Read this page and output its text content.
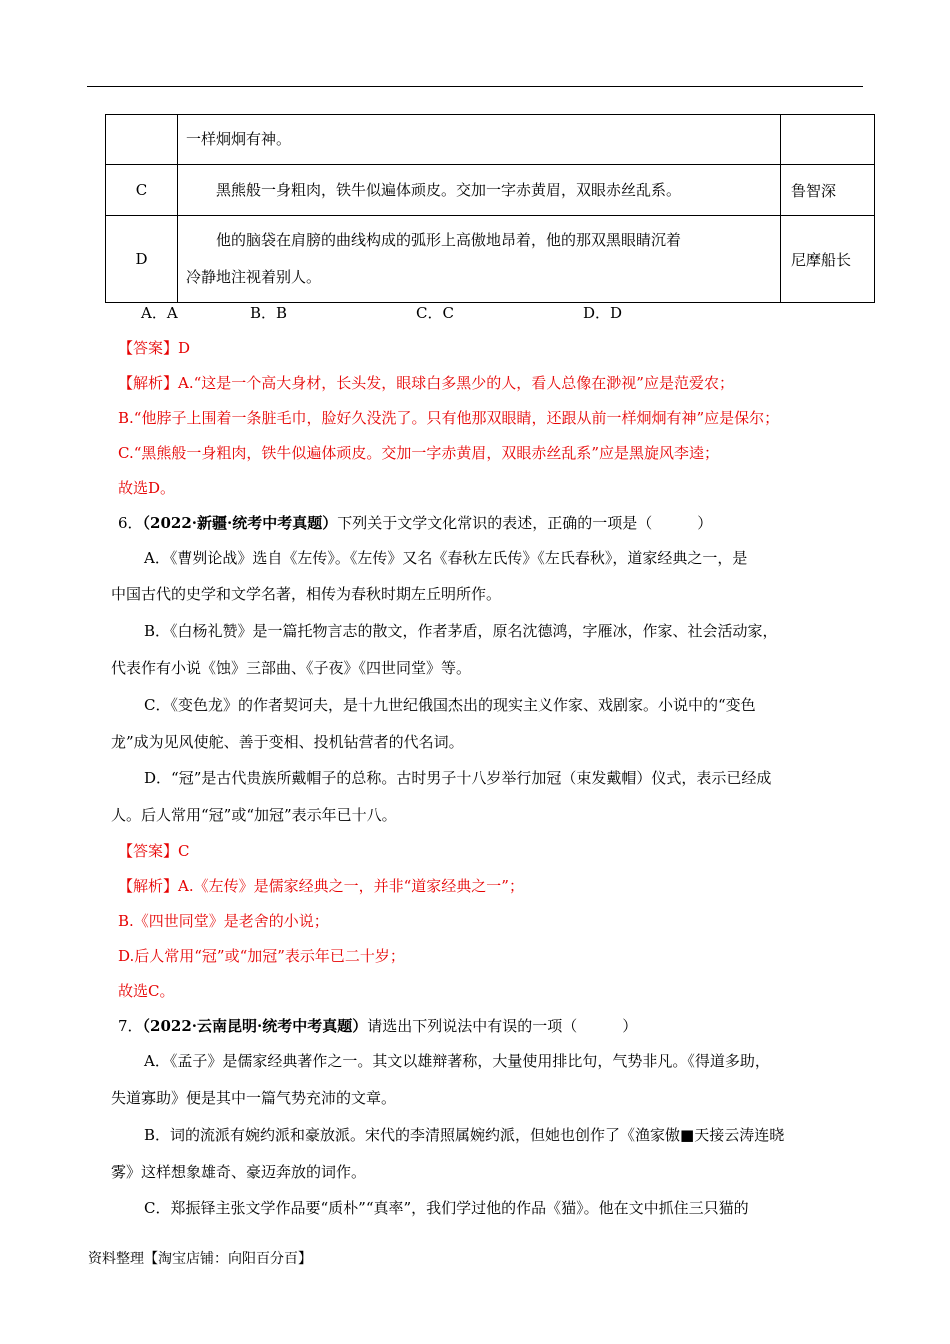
	一样炯炯有神。	
C	黑熊般一身粗肉，铁牛似遍体顽皮。交加一字赤黄眉，双眼赤丝乱系。	鲁智深
D	他的脑袋在肩膀的曲线构成的弧形上高傲地昂着，他的那双黑眼睛沉着
冷静地注视着别人。	尼摩船长
A．A	B．B	C．C	D．D
【答案】D
【解析】A.“这是一个高大身材，长头发，眼球白多黑少的人，看人总像在渺视”应是范爱农；
B.“他脖子上围着一条脏毛巾，脸好久没洗了。只有他那双眼睛，还跟从前一样炯炯有神”应是保尔；
C.“黑熊般一身粗肉，铁牛似遍体顽皮。交加一字赤黄眉，双眼赤丝乱系”应是黑旋风李逵；
故选D。
6．（2022·新疆·统考中考真题）下列关于文学文化常识的表述，正确的一项是（　　　）
A．《曹刿论战》选自《左传》。《左传》又名《春秋左氏传》《左氏春秋》，道家经典之一，是
中国古代的史学和文学名著，相传为春秋时期左丘明所作。
B．《白杨礼赞》是一篇托物言志的散文，作者茅盾，原名沈德鸿，字雁冰，作家、社会活动家，
代表作有小说《蚀》三部曲、《子夜》《四世同堂》等。
C．《变色龙》的作者契诃夫，是十九世纪俄国杰出的现实主义作家、戏剧家。小说中的“变色
龙”成为见风使舵、善于变相、投机钻营者的代名词。
D．“冠”是古代贵族所戴帽子的总称。古时男子十八岁举行加冠（束发戴帽）仪式，表示已经成
人。后人常用“冠”或“加冠”表示年已十八。
【答案】C
【解析】A.《左传》是儒家经典之一，并非“道家经典之一”；
B.《四世同堂》是老舍的小说；
D.后人常用“冠”或“加冠”表示年已二十岁；
故选C。
7．（2022·云南昆明·统考中考真题）请选出下列说法中有误的一项（　　　）
A．《孟子》是儒家经典著作之一。其文以雄辩著称，大量使用排比句，气势非凡。《得道多助，
失道寡助》便是其中一篇气势充沛的文章。
B．词的流派有婉约派和豪放派。宋代的李清照属婉约派，但她也创作了《渔家傲■天接云涛连晓
雾》这样想象雄奇、豪迈奔放的词作。
C．郑振铎主张文学作品要“质朴”“真率”，我们学过他的作品《猫》。他在文中抓住三只猫的
资料整理【淘宝店铺：向阳百分百】
